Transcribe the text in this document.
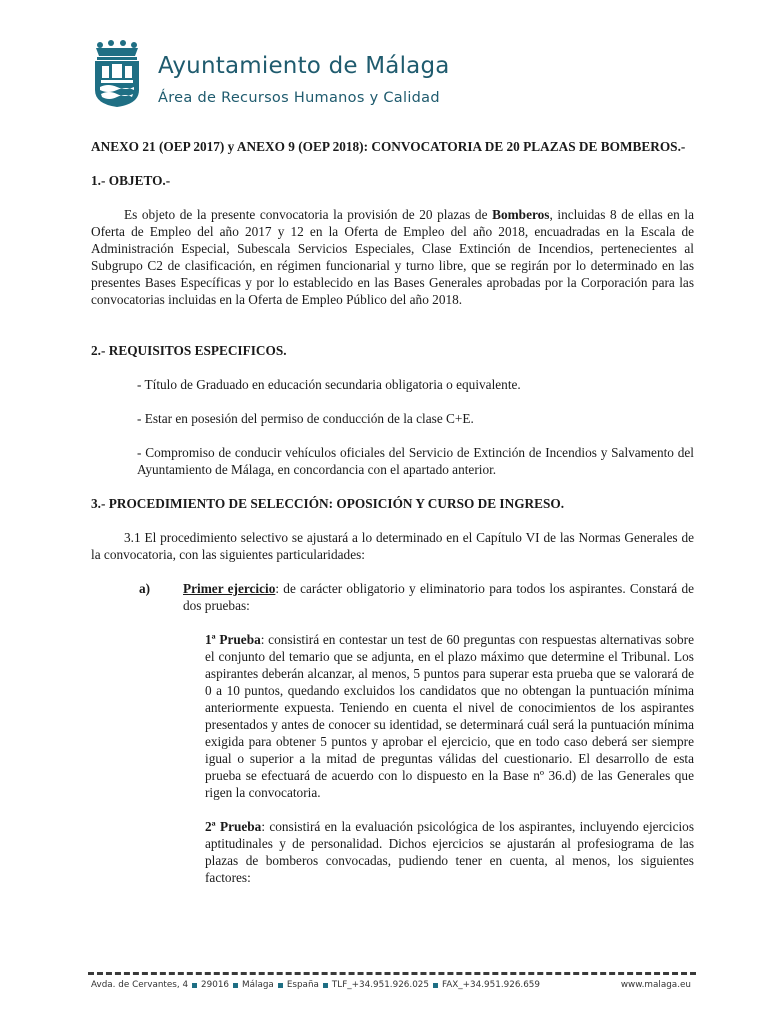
Ayuntamiento de Málaga
Área de Recursos Humanos y Calidad

ANEXO 21 (OEP 2017) y ANEXO 9 (OEP 2018): CONVOCATORIA DE 20 PLAZAS DE BOMBEROS.-

1.- OBJETO.-

Es objeto de la presente convocatoria la provisión de 20 plazas de Bomberos, incluidas 8 de ellas en la Oferta de Empleo del año 2017 y 12 en la Oferta de Empleo del año 2018, encuadradas en la Escala de Administración Especial, Subescala Servicios Especiales, Clase Extinción de Incendios, pertenecientes al Subgrupo C2 de clasificación, en régimen funcionarial y turno libre, que se regirán por lo determinado en las presentes Bases Específicas y por lo establecido en las Bases Generales aprobadas por la Corporación para las convocatorias incluidas en la Oferta de Empleo Público del año 2018.

2.- REQUISITOS ESPECIFICOS.

- Título de Graduado en educación secundaria obligatoria o equivalente.

- Estar en posesión del permiso de conducción de la clase C+E.

- Compromiso de conducir vehículos oficiales del Servicio de Extinción de Incendios y Salvamento del Ayuntamiento de Málaga, en concordancia con el apartado anterior.

3.- PROCEDIMIENTO DE SELECCIÓN: OPOSICIÓN Y CURSO DE INGRESO.

3.1 El procedimiento selectivo se ajustará a lo determinado en el Capítulo VI de las Normas Generales de la convocatoria, con las siguientes particularidades:

a) Primer ejercicio: de carácter obligatorio y eliminatorio para todos los aspirantes. Constará de dos pruebas:

1ª Prueba: consistirá en contestar un test de 60 preguntas con respuestas alternativas sobre el conjunto del temario que se adjunta, en el plazo máximo que determine el Tribunal. Los aspirantes deberán alcanzar, al menos, 5 puntos para superar esta prueba que se valorará de 0 a 10 puntos, quedando excluidos los candidatos que no obtengan la puntuación mínima anteriormente expuesta. Teniendo en cuenta el nivel de conocimientos de los aspirantes presentados y antes de conocer su identidad, se determinará cuál será la puntuación mínima exigida para obtener 5 puntos y aprobar el ejercicio, que en todo caso deberá ser siempre igual o superior a la mitad de preguntas válidas del cuestionario. El desarrollo de esta prueba se efectuará de acuerdo con lo dispuesto en la Base nº 36.d) de las Generales que rigen la convocatoria.

2ª Prueba: consistirá en la evaluación psicológica de los aspirantes, incluyendo ejercicios aptitudinales y de personalidad. Dichos ejercicios se ajustarán al profesiograma de las plazas de bomberos convocadas, pudiendo tener en cuenta, al menos, los siguientes factores:

Avda. de Cervantes, 4 29016 Málaga España TLF_+34.951.926.025 FAX_+34.951.926.659	www.malaga.eu
